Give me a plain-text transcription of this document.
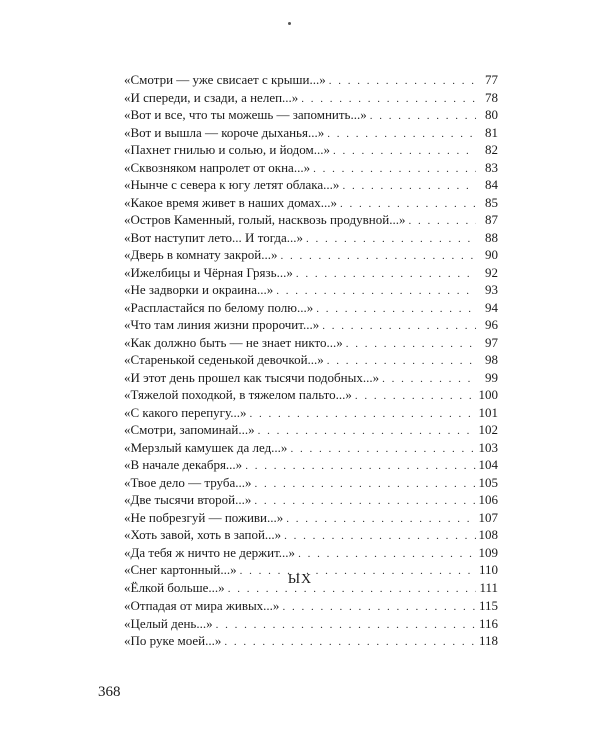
«Смотри — уже свисает с крыши...» . . .	77
«И спереди, и сзади, а нелеп...» . . .	78
«Вот и все, что ты можешь — запомнить...» . . .	80
«Вот и вышла — короче дыханья...» . . .	81
«Пахнет гнилью и солью, и йодом...» . . .	82
«Сквозняком напролет от окна...» . . .	83
«Нынче с севера к югу летят облака...» . . .	84
«Какое время живет в наших домах...» . . .	85
«Остров Каменный, голый, насквозь продувной...» . . .	87
«Вот наступит лето... И тогда...» . . .	88
«Дверь в комнату закрой...» . . .	90
«Ижелбицы и Чёрная Грязь...» . . .	92
«Не задворки и окраина...» . . .	93
«Распластайся по белому полю...» . . .	94
«Что там линия жизни пророчит...» . . .	96
«Как должно быть — не знает никто...» . . .	97
«Старенькой седенькой девочкой...» . . .	98
«И этот день прошел как тысячи подобных...» . . .	99
«Тяжелой походкой, в тяжелом пальто...» . . .	100
«С какого перепугу...» . . .	101
«Смотри, запоминай...» . . .	102
«Мерзлый камушек да лед...» . . .	103
«В начале декабря...» . . .	104
«Твое дело — труба...» . . .	105
«Две тысячи второй...» . . .	106
«Не побрезгуй — поживи...» . . .	107
«Хоть завой, хоть в запой...» . . .	108
«Да тебя ж ничто не держит...» . . .	109
«Снег картонный...» . . .	110
«Ёлкой больше...» . . .	111
ЫХ
«Отпадая от мира живых...» . . .	115
«Целый день...» . . .	116
«По руке моей...» . . .	118
368
